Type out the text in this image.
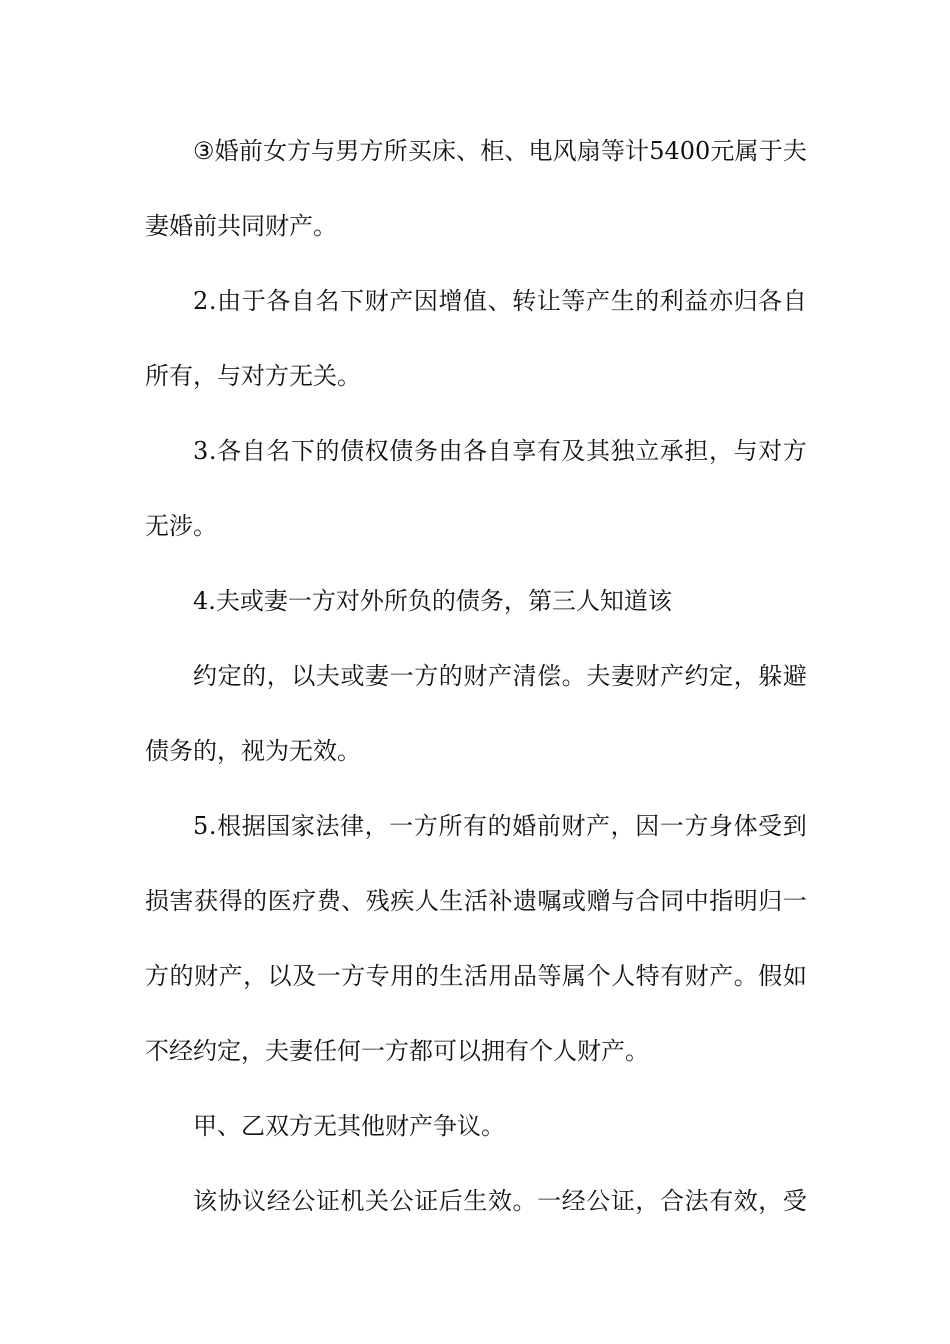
③ 婚 前 女 方 与 男 方 所 买 床 、 柜 、 电 风 扇 等 计 5400 元 属 于 夫
妻婚前共同财产。
2 . 由 于 各 自 名 下 财 产 因 增 值 、 转 让 等 产 生 的 利 益 亦 归 各 自
所有，与对方无关。
3 . 各 自 名 下 的 债 权 债 务 由 各 自 享 有 及 其 独 立 承 担 ， 与 对 方
无涉。
4.夫或妻一方对外所负的债务，第三人知道该
约 定 的 ， 以 夫 或 妻 一 方 的 财 产 清 偿 。 夫 妻 财 产 约 定 ， 躲 避
债务的，视为无效。
5 . 根 据 国 家 法 律 ， 一 方 所 有 的 婚 前 财 产 ， 因 一 方 身 体 受 到
损 害 获 得 的 医 疗 费 、 残 疾 人 生 活 补 遗 嘱 或 赠 与 合 同 中 指 明 归 一
方 的 财 产 ， 以 及 一 方 专 用 的 生 活 用 品 等 属 个 人 特 有 财 产 。 假 如
不经约定，夫妻任何一方都可以拥有个人财产。
甲、乙双方无其他财产争议。
该 协 议 经 公 证 机 关 公 证 后 生 效 。 一 经 公 证 ， 合 法 有 效 ， 受
